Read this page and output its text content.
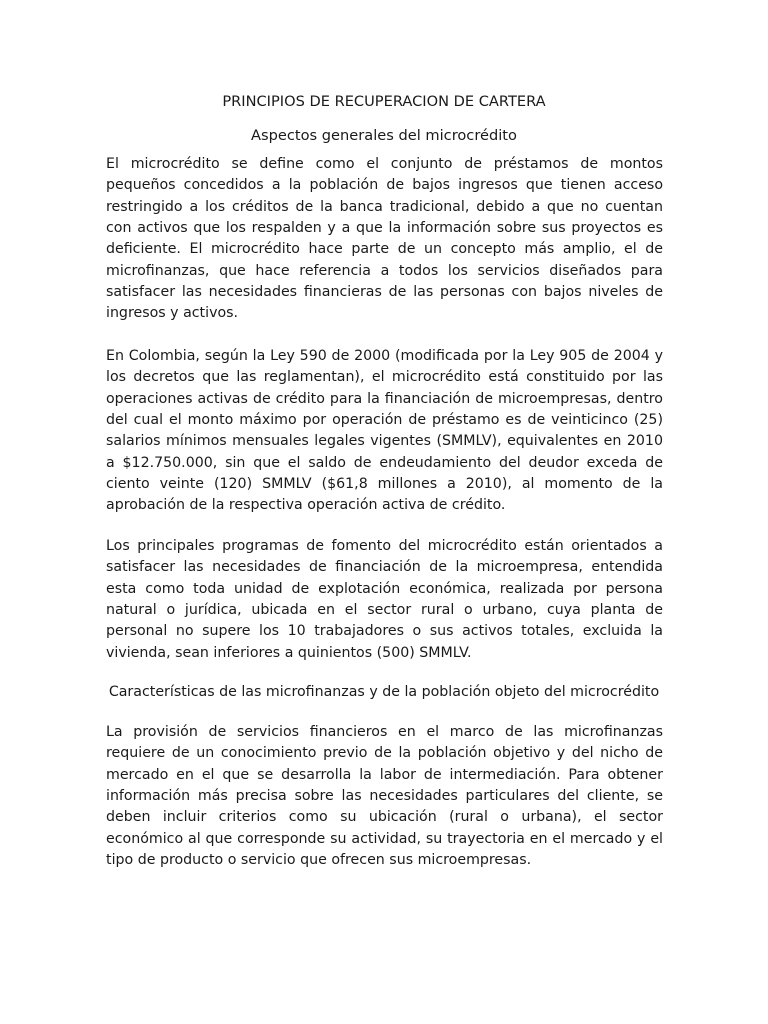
PRINCIPIOS DE RECUPERACION DE CARTERA
Aspectos generales del microcrédito

El microcrédito se define como el conjunto de préstamos de montos pequeños concedidos a la población de bajos ingresos que tienen acceso restringido a los créditos de la banca tradicional, debido a que no cuentan con activos que los respalden y a que la información sobre sus proyectos es deficiente. El microcrédito hace parte de un concepto más amplio, el de microfinanzas, que hace referencia a todos los servicios diseñados para satisfacer las necesidades financieras de las personas con bajos niveles de ingresos y activos.

En Colombia, según la Ley 590 de 2000 (modificada por la Ley 905 de 2004 y los decretos que las reglamentan), el microcrédito está constituido por las operaciones activas de crédito para la financiación de microempresas, dentro del cual el monto máximo por operación de préstamo es de veinticinco (25) salarios mínimos mensuales legales vigentes (SMMLV), equivalentes en 2010 a $12.750.000, sin que el saldo de endeudamiento del deudor exceda de ciento veinte (120) SMMLV ($61,8 millones a 2010), al momento de la aprobación de la respectiva operación activa de crédito.

Los principales programas de fomento del microcrédito están orientados a satisfacer las necesidades de financiación de la microempresa, entendida esta como toda unidad de explotación económica, realizada por persona natural o jurídica, ubicada en el sector rural o urbano, cuya planta de personal no supere los 10 trabajadores o sus activos totales, excluida la vivienda, sean inferiores a quinientos (500) SMMLV.

Características de las microfinanzas y de la población objeto del microcrédito

La provisión de servicios financieros en el marco de las microfinanzas requiere de un conocimiento previo de la población objetivo y del nicho de mercado en el que se desarrolla la labor de intermediación. Para obtener información más precisa sobre las necesidades particulares del cliente, se deben incluir criterios como su ubicación (rural o urbana), el sector económico al que corresponde su actividad, su trayectoria en el mercado y el tipo de producto o servicio que ofrecen sus microempresas.
